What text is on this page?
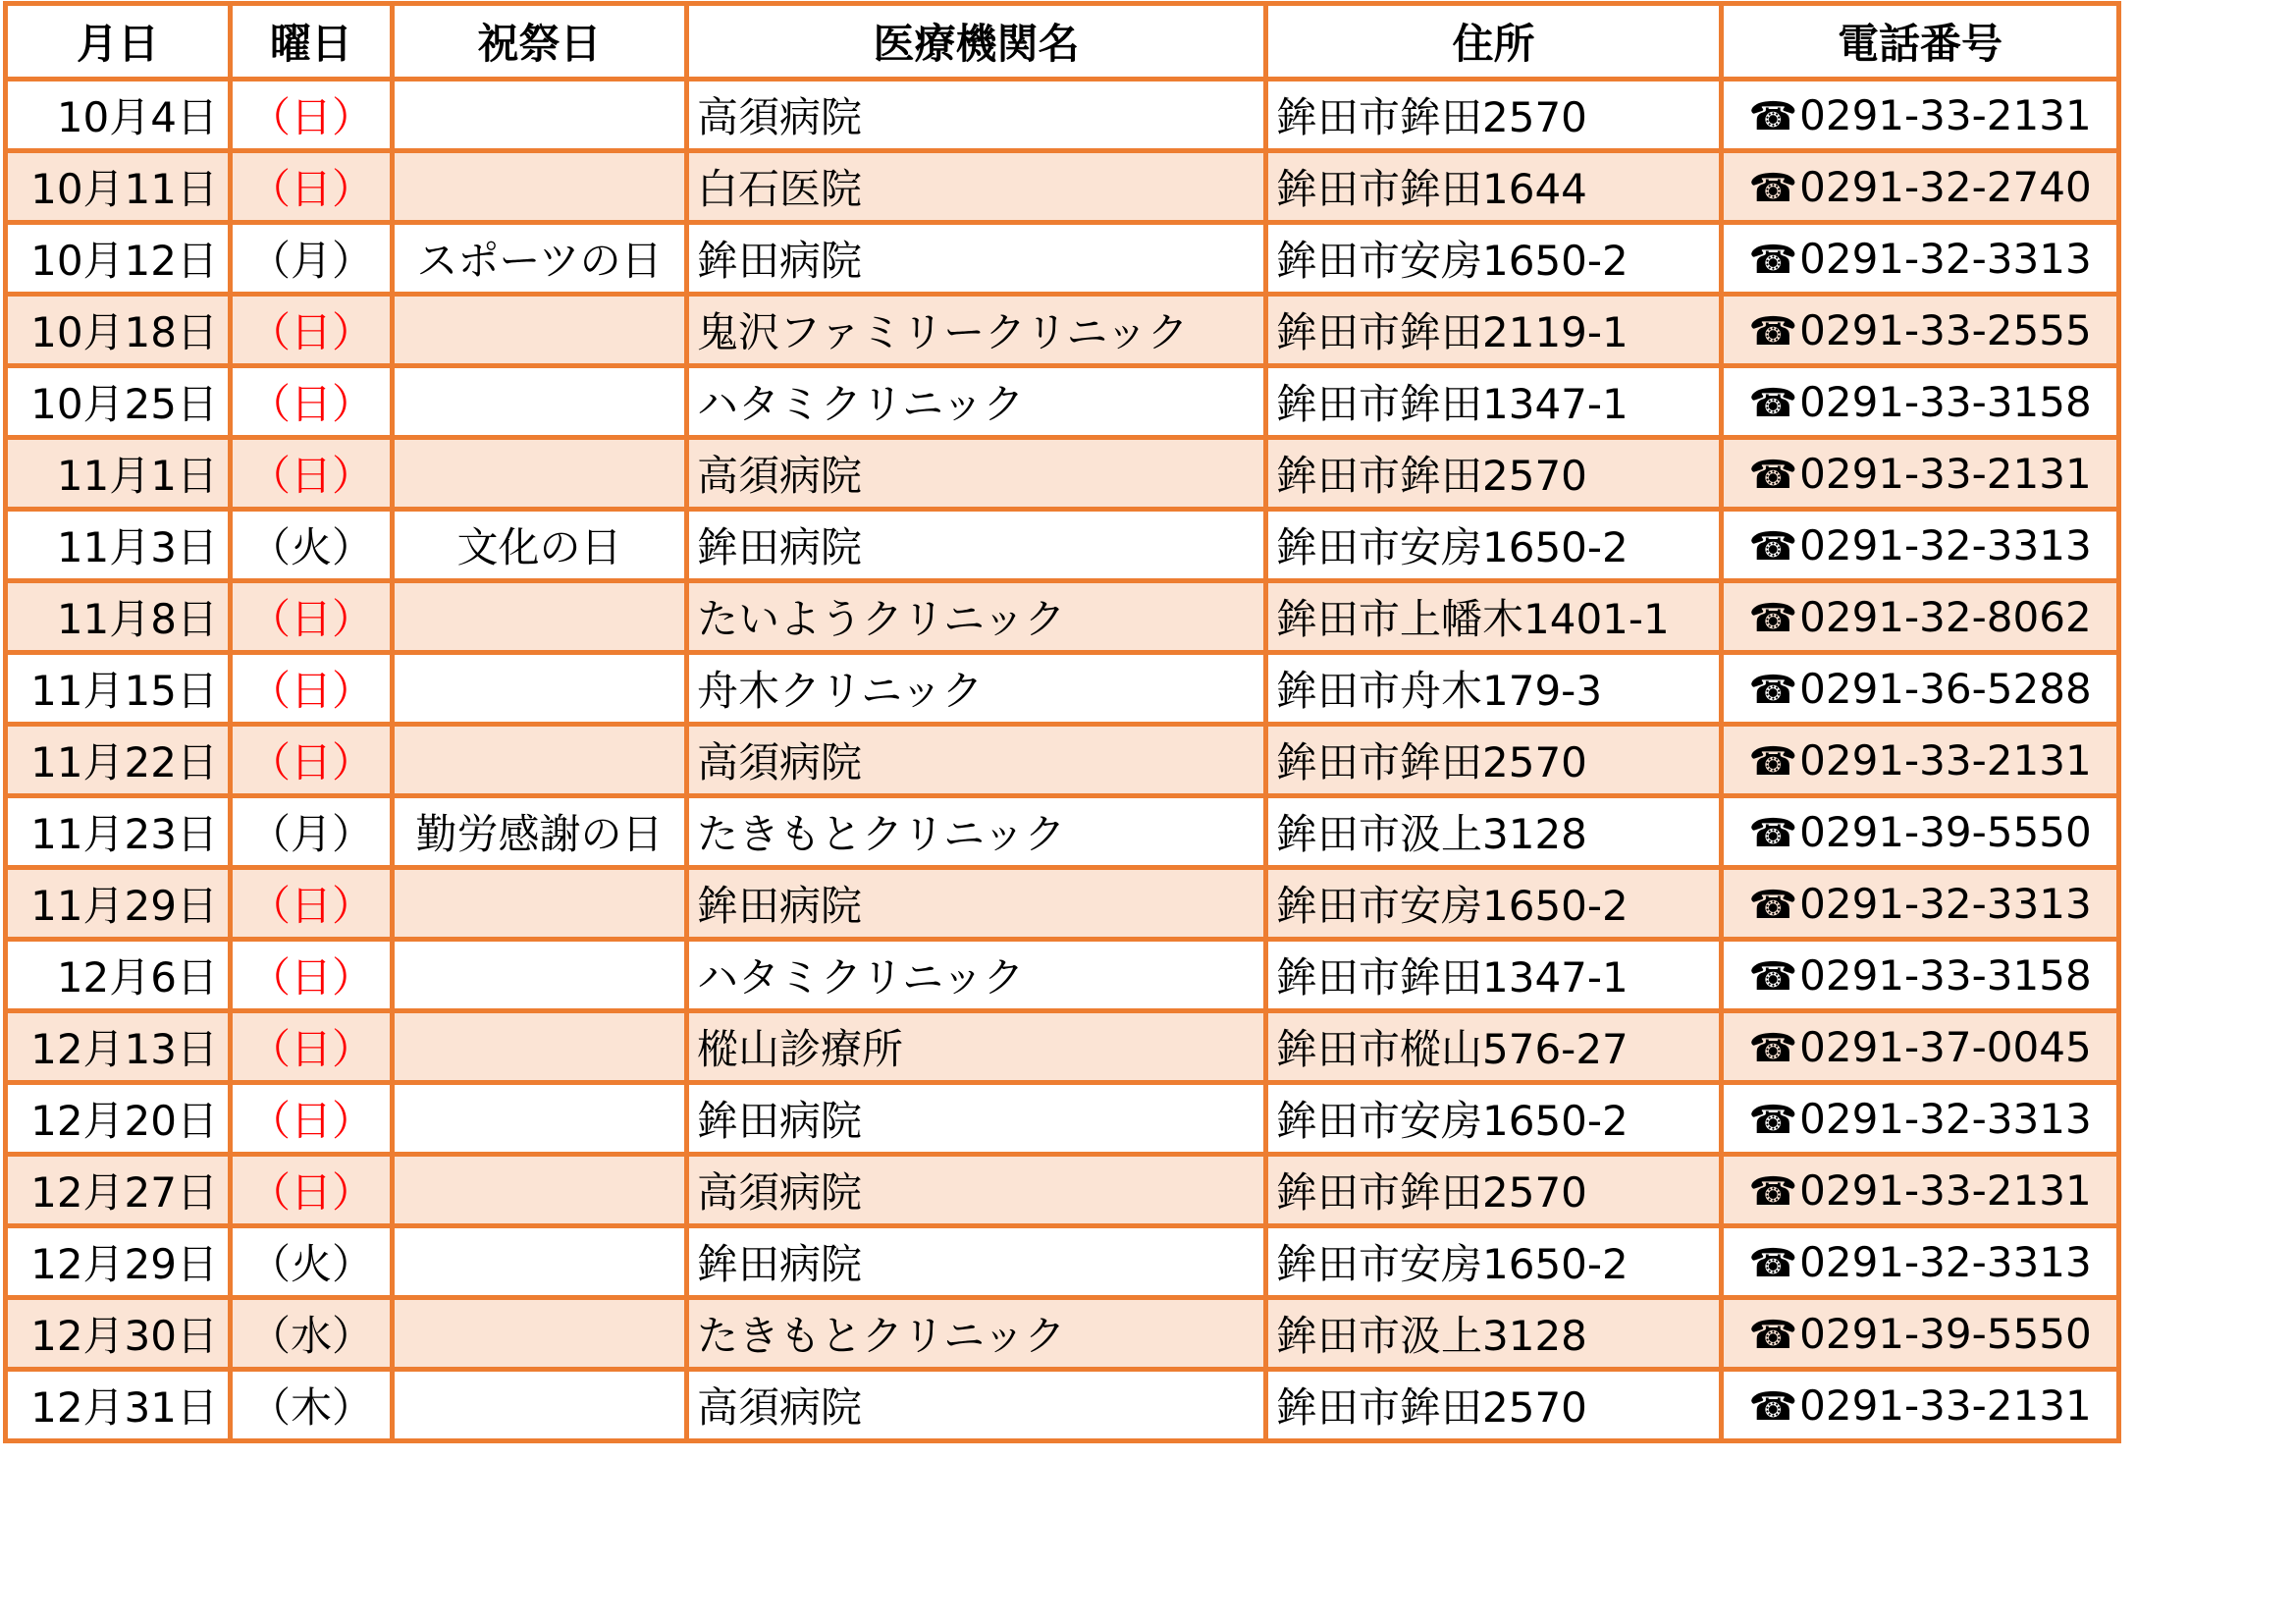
月日	曜日	祝祭日	医療機関名	住所	電話番号
10月4日	（日）		高須病院	鉾田市鉾田2570	☎0291-33-2131
10月11日	（日）		白石医院	鉾田市鉾田1644	☎0291-32-2740
10月12日	（月）	スポーツの日	鉾田病院	鉾田市安房1650-2	☎0291-32-3313
10月18日	（日）		鬼沢ファミリークリニック	鉾田市鉾田2119-1	☎0291-33-2555
10月25日	（日）		ハタミクリニック	鉾田市鉾田1347-1	☎0291-33-3158
11月1日	（日）		高須病院	鉾田市鉾田2570	☎0291-33-2131
11月3日	（火）	文化の日	鉾田病院	鉾田市安房1650-2	☎0291-32-3313
11月8日	（日）		たいようクリニック	鉾田市上幡木1401-1	☎0291-32-8062
11月15日	（日）		舟木クリニック	鉾田市舟木179-3	☎0291-36-5288
11月22日	（日）		高須病院	鉾田市鉾田2570	☎0291-33-2131
11月23日	（月）	勤労感謝の日	たきもとクリニック	鉾田市汲上3128	☎0291-39-5550
11月29日	（日）		鉾田病院	鉾田市安房1650-2	☎0291-32-3313
12月6日	（日）		ハタミクリニック	鉾田市鉾田1347-1	☎0291-33-3158
12月13日	（日）		樅山診療所	鉾田市樅山576-27	☎0291-37-0045
12月20日	（日）		鉾田病院	鉾田市安房1650-2	☎0291-32-3313
12月27日	（日）		高須病院	鉾田市鉾田2570	☎0291-33-2131
12月29日	（火）		鉾田病院	鉾田市安房1650-2	☎0291-32-3313
12月30日	（水）		たきもとクリニック	鉾田市汲上3128	☎0291-39-5550
12月31日	（木）		高須病院	鉾田市鉾田2570	☎0291-33-2131
